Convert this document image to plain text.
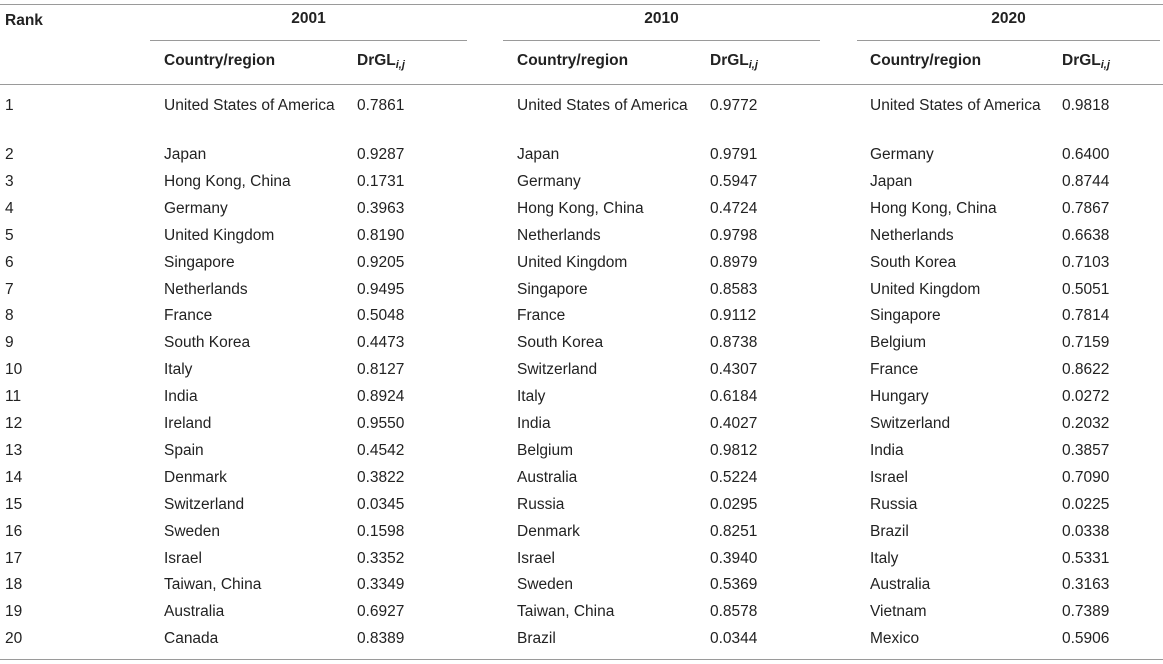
Rank	2001	2010	2020
Country/region	DrGL$_{i,j}$	Country/region	DrGL$_{i,j}$	Country/region	DrGL$_{i,j}$
1	United States of America 0.7861	United States of America 0.9772	United States of America 0.9818
2	Japan	0.9287	Japan	0.9791	Germany	0.6400
3	Hong Kong, China	0.1731	Germany	0.5947	Japan	0.8744
4	Germany	0.3963	Hong Kong, China	0.4724	Hong Kong, China	0.7867
5	United Kingdom	0.8190	Netherlands	0.9798	Netherlands	0.6638
6	Singapore	0.9205	United Kingdom	0.8979	South Korea	0.7103
7	Netherlands	0.9495	Singapore	0.8583	United Kingdom	0.5051
8	France	0.5048	France	0.9112	Singapore	0.7814
9	South Korea	0.4473	South Korea	0.8738	Belgium	0.7159
10	Italy	0.8127	Switzerland	0.4307	France	0.8622
11	India	0.8924	Italy	0.6184	Hungary	0.0272
12	Ireland	0.9550	India	0.4027	Switzerland	0.2032
13	Spain	0.4542	Belgium	0.9812	India	0.3857
14	Denmark	0.3822	Australia	0.5224	Israel	0.7090
15	Switzerland	0.0345	Russia	0.0295	Russia	0.0225
16	Sweden	0.1598	Denmark	0.8251	Brazil	0.0338
17	Israel	0.3352	Israel	0.3940	Italy	0.5331
18	Taiwan, China	0.3349	Sweden	0.5369	Australia	0.3163
19	Australia	0.6927	Taiwan, China	0.8578	Vietnam	0.7389
20	Canada	0.8389	Brazil	0.0344	Mexico	0.5906
